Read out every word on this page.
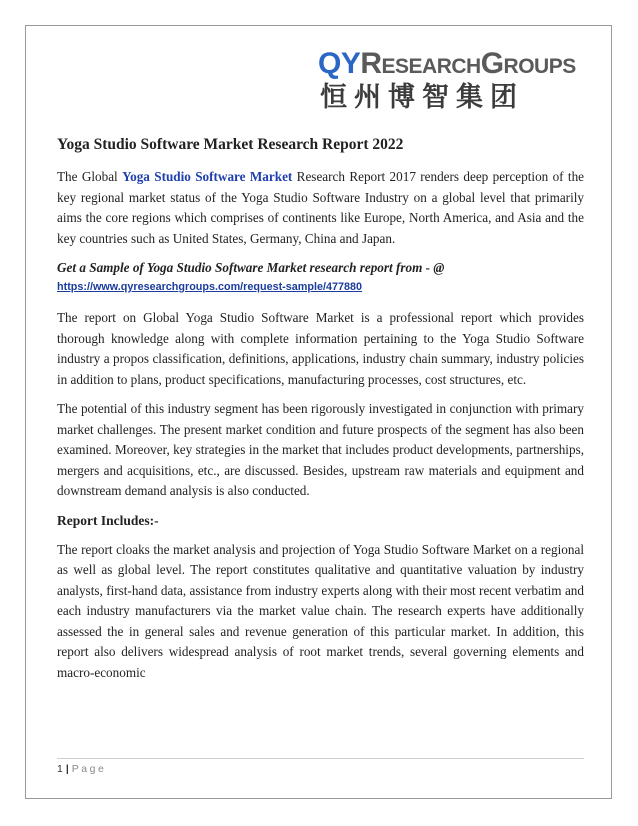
QYResearchGroups
恒州博智集团
Yoga Studio Software Market Research Report 2022

The Global Yoga Studio Software Market Research Report 2017 renders deep perception of the key regional market status of the Yoga Studio Software Industry on a global level that primarily aims the core regions which comprises of continents like Europe, North America, and Asia and the key countries such as United States, Germany, China and Japan.

Get a Sample of Yoga Studio Software Market research report from - @

https://www.qyresearchgroups.com/request-sample/477880

The report on Global Yoga Studio Software Market is a professional report which provides thorough knowledge along with complete information pertaining to the Yoga Studio Software industry a propos classification, definitions, applications, industry chain summary, industry policies in addition to plans, product specifications, manufacturing processes, cost structures, etc.

The potential of this industry segment has been rigorously investigated in conjunction with primary market challenges. The present market condition and future prospects of the segment has also been examined. Moreover, key strategies in the market that includes product developments, partnerships, mergers and acquisitions, etc., are discussed. Besides, upstream raw materials and equipment and downstream demand analysis is also conducted.

Report Includes:-

The report cloaks the market analysis and projection of Yoga Studio Software Market on a regional as well as global level. The report constitutes qualitative and quantitative valuation by industry analysts, first-hand data, assistance from industry experts along with their most recent verbatim and each industry manufacturers via the market value chain. The research experts have additionally assessed the in general sales and revenue generation of this particular market. In addition, this report also delivers widespread analysis of root market trends, several governing elements and macro-economic

1 | Page
